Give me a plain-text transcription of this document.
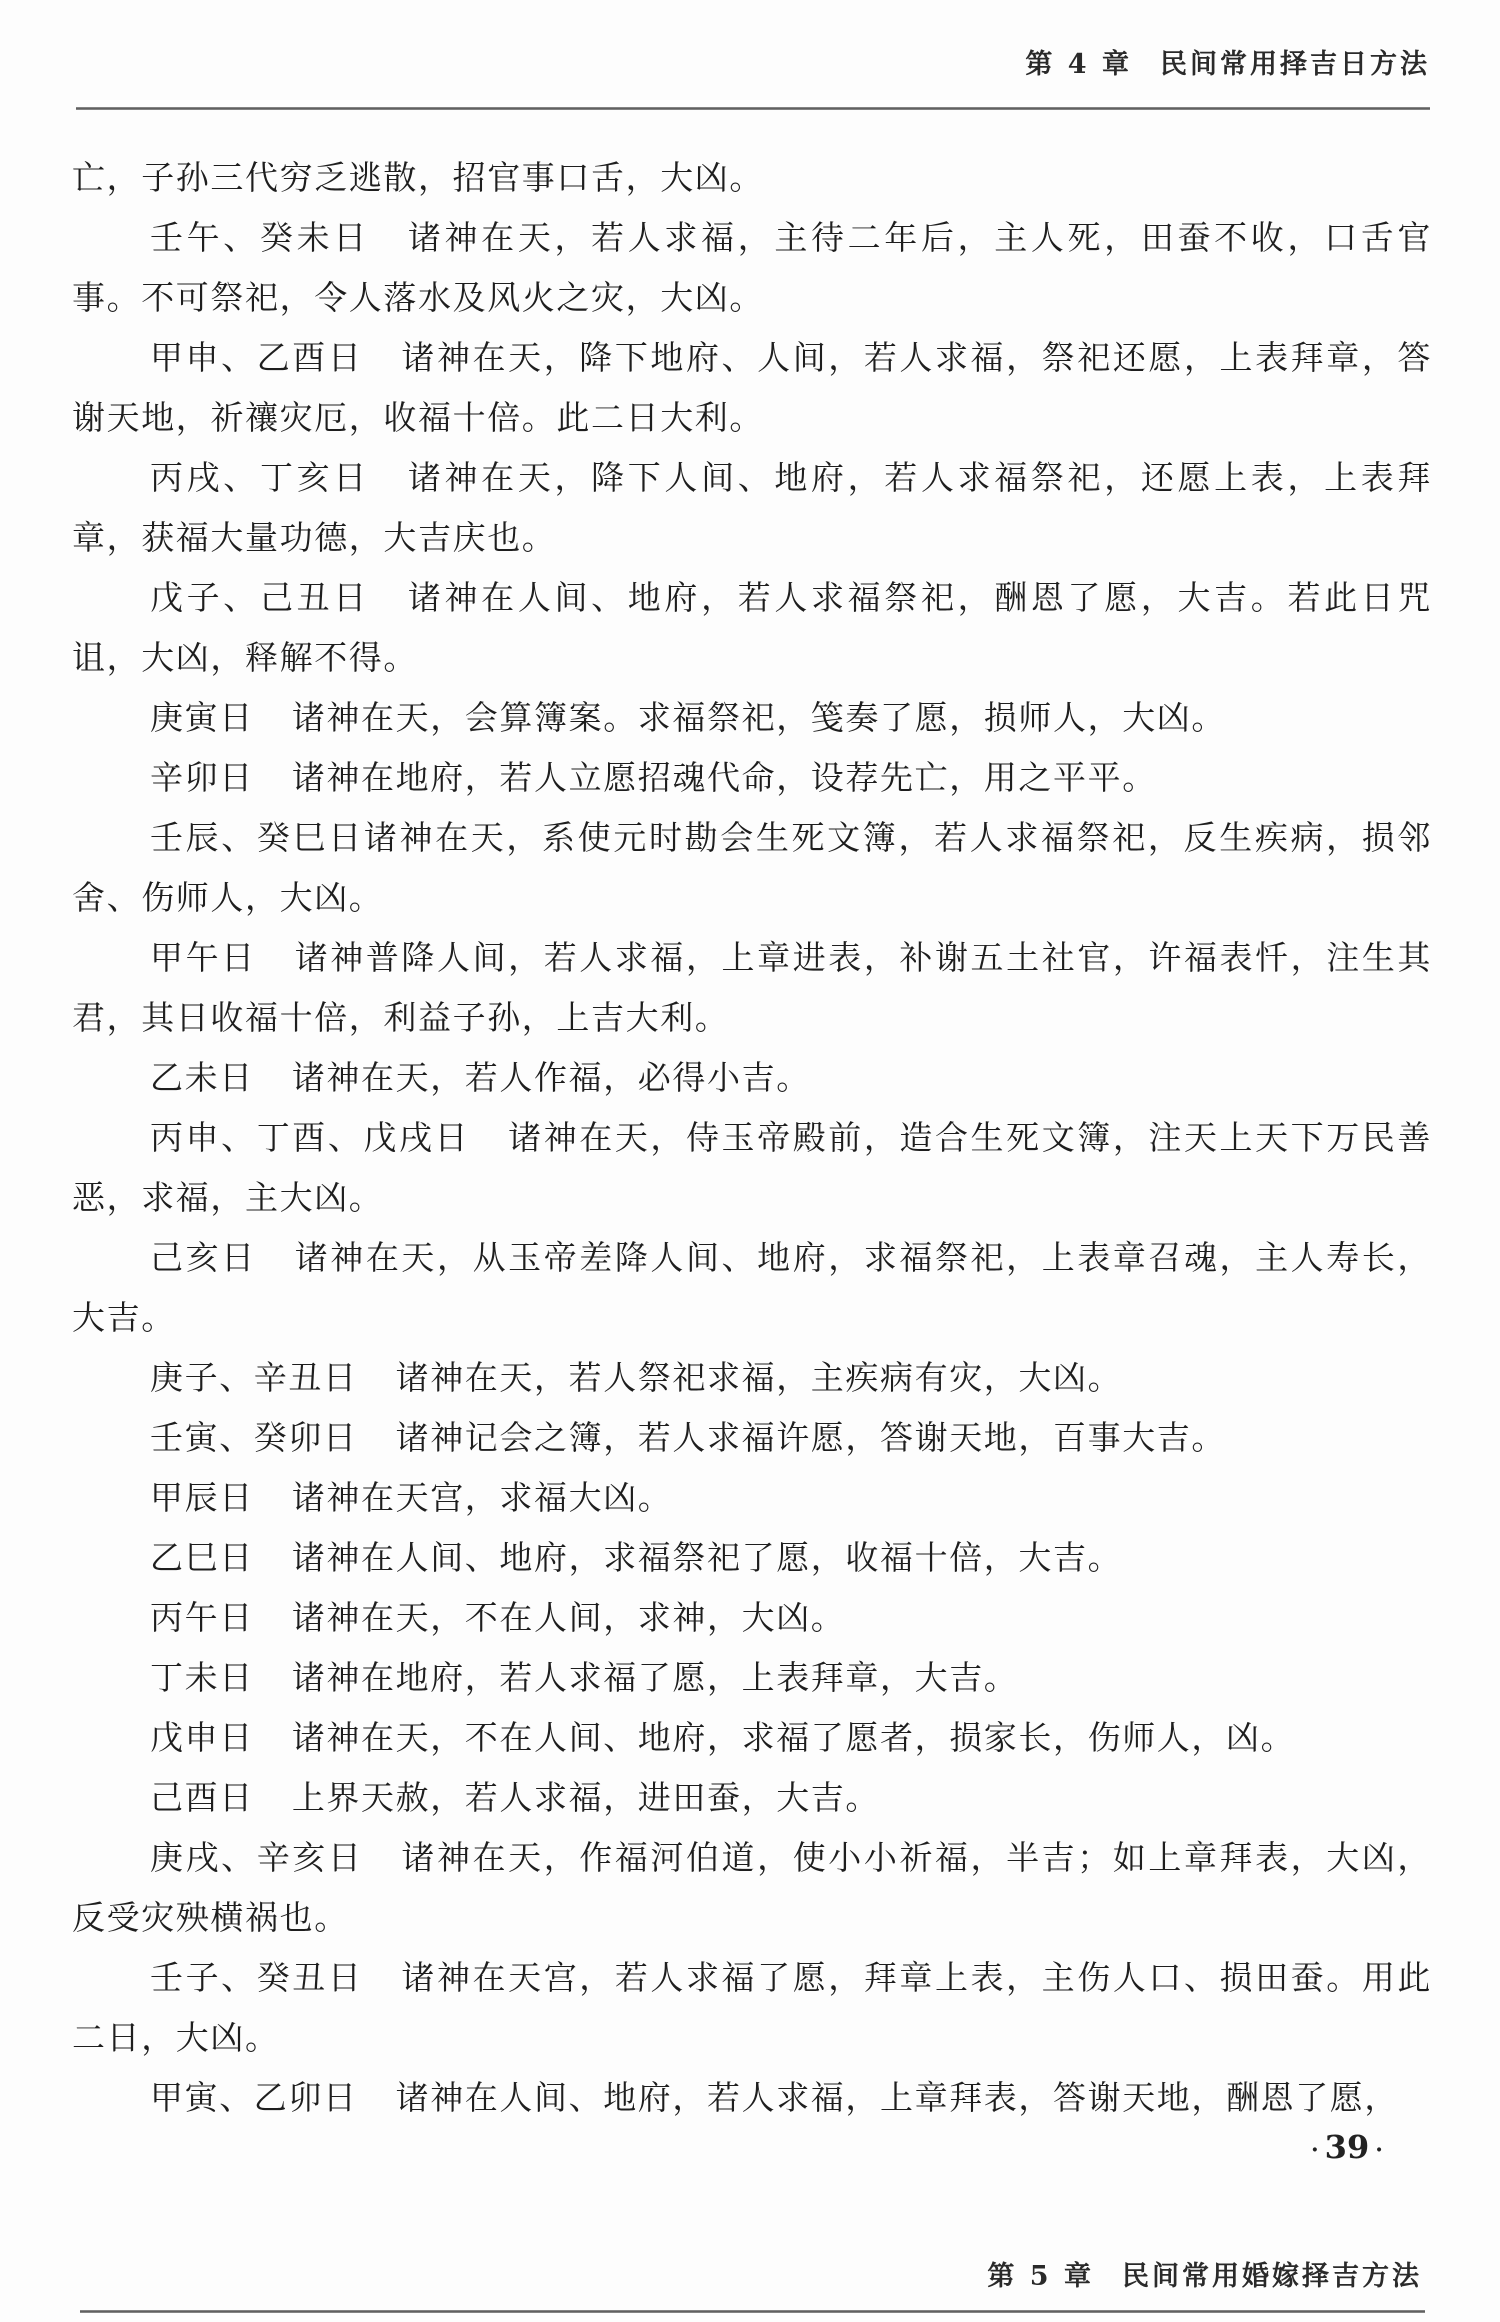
第 4 章 民间常用择吉日方法

亡，子孙三代穷乏逃散，招官事口舌，大凶。

壬午、癸未日 诸神在天，若人求福，主待二年后，主人死，田蚕不收，口舌官事。不可祭祀，令人落水及风火之灾，大凶。

甲申、乙酉日 诸神在天，降下地府、人间，若人求福，祭祀还愿，上表拜章，答谢天地，祈禳灾厄，收福十倍。此二日大利。

丙戌、丁亥日 诸神在天，降下人间、地府，若人求福祭祀，还愿上表，上表拜章，获福大量功德，大吉庆也。

戊子、己丑日 诸神在人间、地府，若人求福祭祀，酬恩了愿，大吉。若此日咒诅，大凶，释解不得。

庚寅日 诸神在天，会算簿案。求福祭祀，笺奏了愿，损师人，大凶。

辛卯日 诸神在地府，若人立愿招魂代命，设荐先亡，用之平平。

壬辰、癸巳日诸神在天，系使元时勘会生死文簿，若人求福祭祀，反生疾病，损邻舍、伤师人，大凶。

甲午日 诸神普降人间，若人求福，上章进表，补谢五土社官，许福表忏，注生其君，其日收福十倍，利益子孙，上吉大利。

乙未日 诸神在天，若人作福，必得小吉。

丙申、丁酉、戊戌日 诸神在天，侍玉帝殿前，造合生死文簿，注天上天下万民善恶，求福，主大凶。

己亥日 诸神在天，从玉帝差降人间、地府，求福祭祀，上表章召魂，主人寿长，大吉。

庚子、辛丑日 诸神在天，若人祭祀求福，主疾病有灾，大凶。

壬寅、癸卯日 诸神记会之簿，若人求福许愿，答谢天地，百事大吉。

甲辰日 诸神在天宫，求福大凶。

乙巳日 诸神在人间、地府，求福祭祀了愿，收福十倍，大吉。

丙午日 诸神在天，不在人间，求神，大凶。

丁未日 诸神在地府，若人求福了愿，上表拜章，大吉。

戊申日 诸神在天，不在人间、地府，求福了愿者，损家长，伤师人，凶。

己酉日 上界天赦，若人求福，进田蚕，大吉。

庚戌、辛亥日 诸神在天，作福河伯道，使小小祈福，半吉；如上章拜表，大凶，反受灾殃横祸也。

壬子、癸丑日 诸神在天宫，若人求福了愿，拜章上表，主伤人口、损田蚕。用此二日，大凶。

甲寅、乙卯日 诸神在人间、地府，若人求福，上章拜表，答谢天地，酬恩了愿，

· 39 ·
第 5 章 民间常用婚嫁择吉方法
